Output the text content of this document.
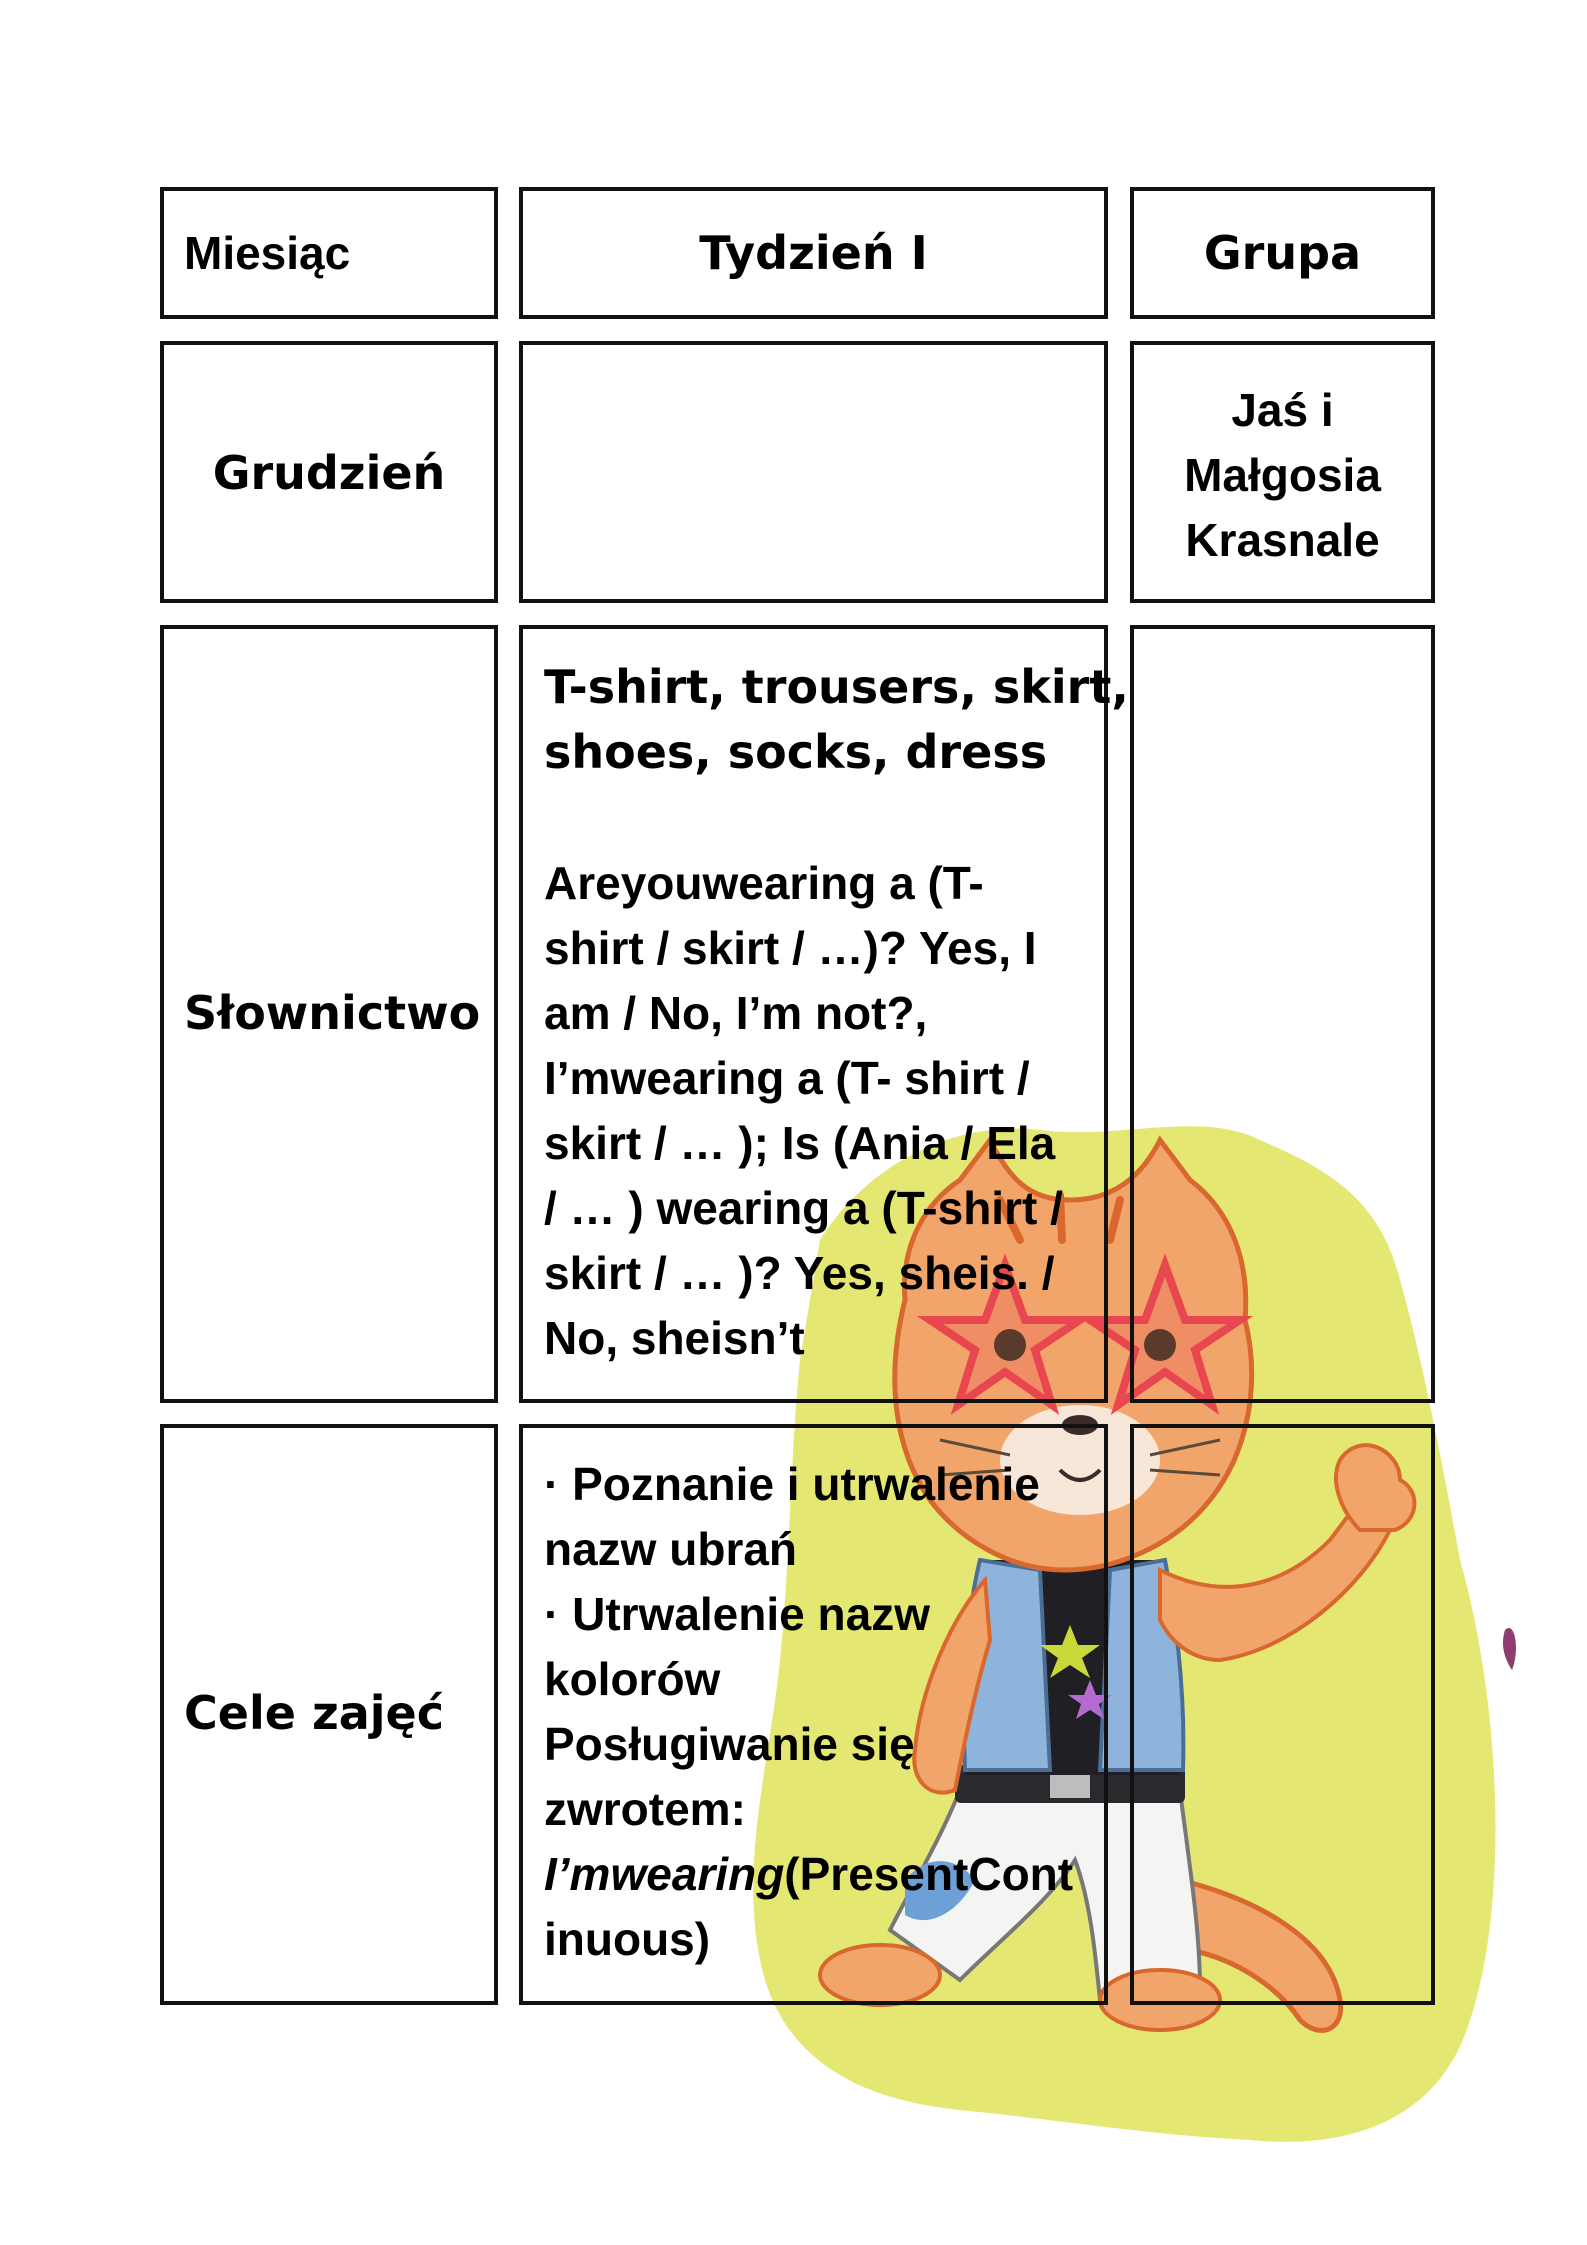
Miesiąc	Tydzień I	Grupa
Grudzień
Jaś i
Małgosia
Krasnale
Słownictwo
T-shirt, trousers, skirt,
shoes, socks, dress
Areyouwearing a (T-
shirt / skirt / …)? Yes, I
am / No, I’m not?,
I’mwearing a (T- shirt /
skirt / … ); Is (Ania / Ela
/ … ) wearing a (T-shirt /
skirt / … )? Yes, sheis. /
No, sheisn’t
Cele zajęć
· Poznanie i utrwalenie
nazw ubrań
· Utrwalenie nazw
kolorów
Posługiwanie się
zwrotem:
I’mwearing(PresentCont
inuous)
